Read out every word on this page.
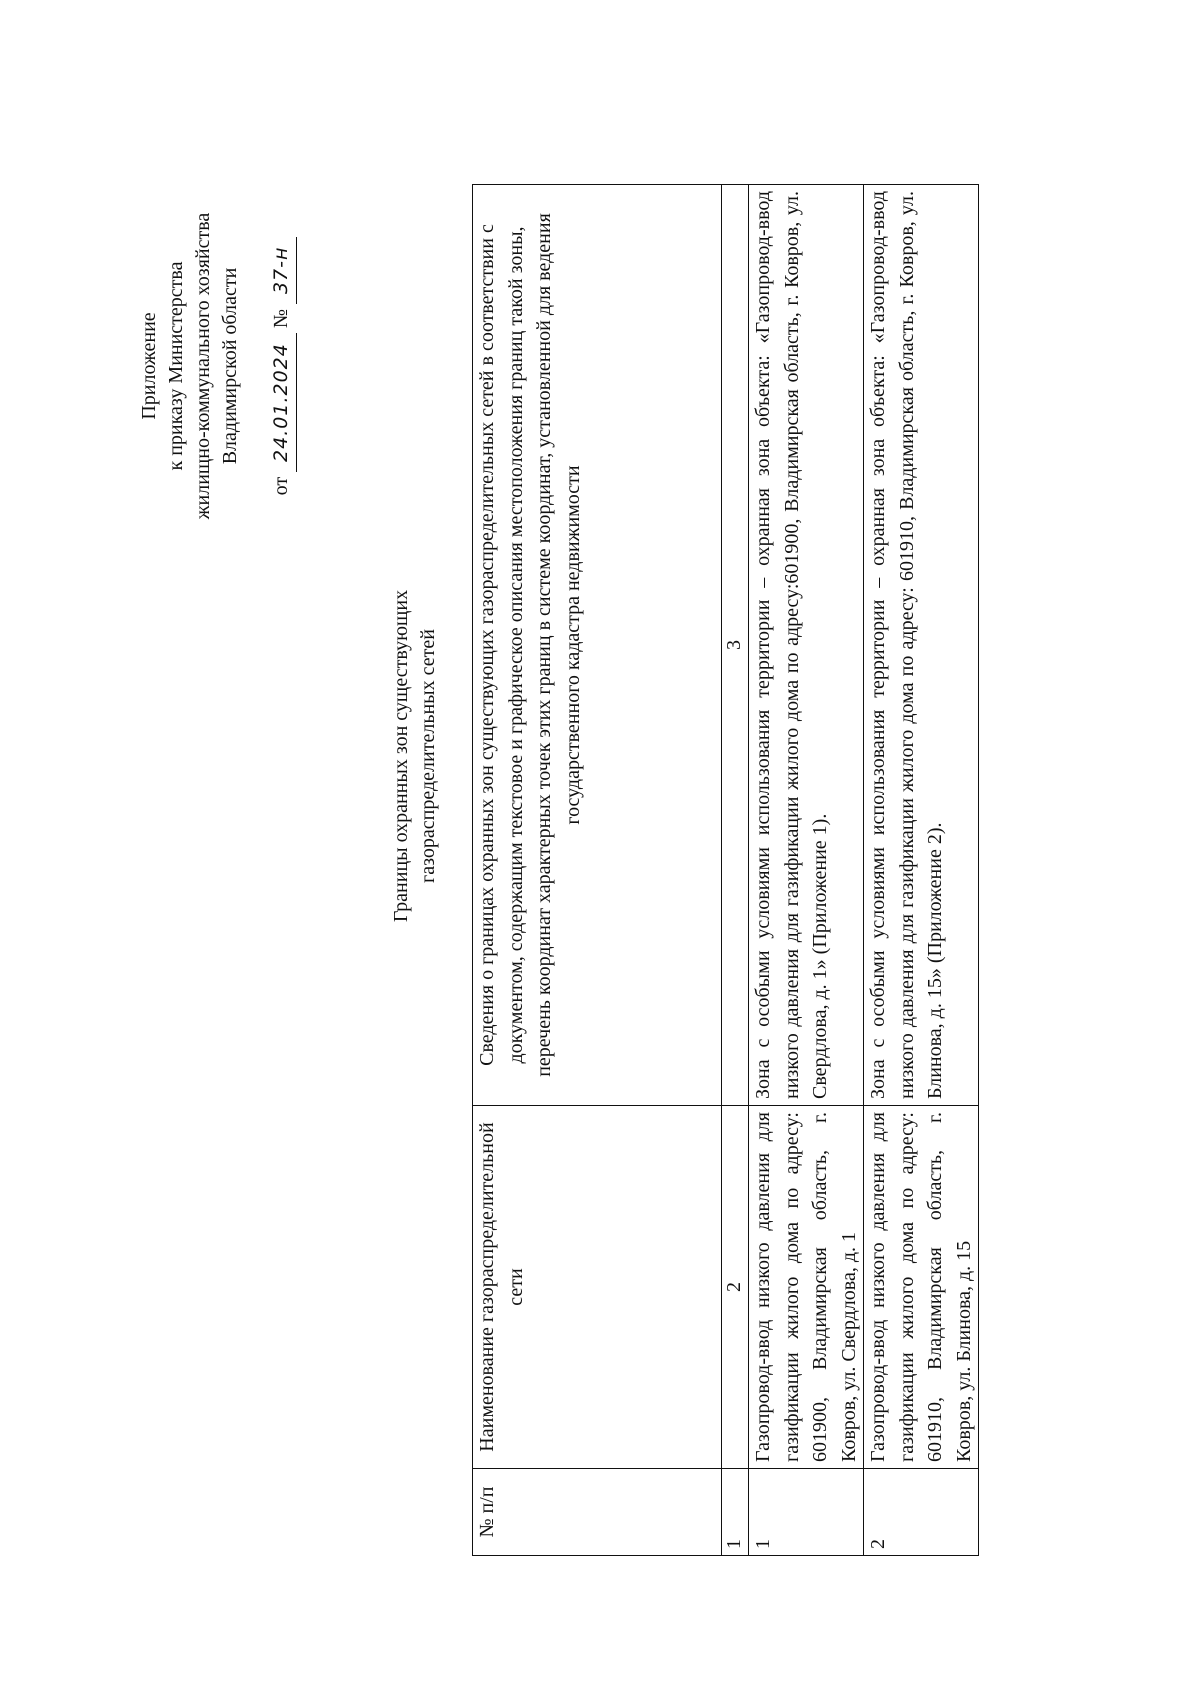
Приложение к приказу Министерства жилищно-коммунального хозяйства Владимирской области
от 24.01.2024 № 37-н
Границы охранных зон существующих газораспределительных сетей
№ п/п	Наименование газораспределительной сети	Сведения о границах охранных зон существующих газораспределительных сетей в соответствии с документом, содержащим текстовое и графическое описания местоположения границ такой зоны, перечень координат характерных точек этих границ в системе координат, установленной для ведения государственного кадастра недвижимости
1	2	3
1	Газопровод-ввод низкого давления для газификации жилого дома по адресу: 601900, Владимирская область, г. Ковров, ул. Свердлова, д. 1	Зона с особыми условиями использования территории – охранная зона объекта: «Газопровод-ввод низкого давления для газификации жилого дома по адресу:601900, Владимирская область, г. Ковров, ул. Свердлова, д. 1» (Приложение 1).
2	Газопровод-ввод низкого давления для газификации жилого дома по адресу: 601910, Владимирская область, г. Ковров, ул. Блинова, д. 15	Зона с особыми условиями использования территории – охранная зона объекта: «Газопровод-ввод низкого давления для газификации жилого дома по адресу: 601910, Владимирская область, г. Ковров, ул. Блинова, д. 15» (Приложение 2).
